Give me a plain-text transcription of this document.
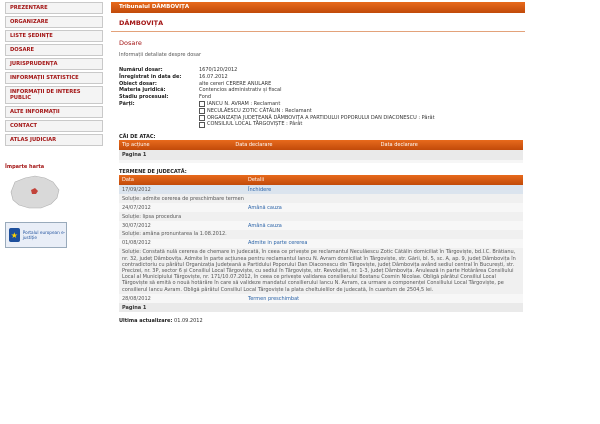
PREZENTARE
ORGANIZARE
LISTE ȘEDINȚE
DOSARE
JURISPRUDENȚA
INFORMAȚII STATISTICE
INFORMAȚII DE INTERES PUBLIC
ALTE INFORMAȚII
CONTACT
ATLAS JUDICIAR
Împarte harta
★	Portalul european e-justiție
Tribunalul DÂMBOVIȚA
DÂMBOVIȚA
Dosare
Informații detaliate despre dosar
Numărul dosar:	1670/120/2012
Înregistrat in data de:	16.07.2012
Obiect dosar:	alte cereri CERERE ANULARE
Materia juridică:	Contencios administrativ și fiscal
Stadiu procesual:	Fond
Părți:	IANCU N. AVRAM : Reclamant
NECULĂESCU ZOTIC CĂTĂLIN : Reclamant
ORGANIZAȚIA JUDEȚEANĂ DÂMBOVIȚA A PARTIDULUI POPORULUI DAN DIACONESCU : Pârât
CONSILIUL LOCAL TÂRGOVIȘTE : Pârât
CĂI DE ATAC:
Tip acțiune	Data declarare	Data declarare
Pagina 1

TERMENE DE JUDECATĂ:
Data	Detalii
17/09/2012	Închidere
Soluție: admite cererea de preschimbare termen	
24/07/2012	Amână cauza
Soluție: lipsa procedura	
30/07/2012	Amână cauza
Soluție: amâna pronuntarea la 1.08.2012.	
01/08/2012	Admite in parte cererea
Soluție: Constată nulă cererea de chemare in judecată, în ceea ce privește pe reclamantul Neculăescu Zotic Cătălin domiciliat în Târgoviște, bd.I.C. Brătianu, nr. 32, județ Dâmbovița. Admite în parte acțiunea pentru reclamantul Iancu N. Avram domiciliat în Târgoviște, str. Gării, bl. 5, sc. A, ap. 9, județ Dâmbovița în contradictoriu cu pârâtul Organizația Județeană a Partidului Poporului Dan Diaconescu din Târgoviște, județ Dâmbovița având sediul central în București, str. Precizei, nr. 3P, sector 6 și Consiliul Local Târgoviște, cu sediul în Târgoviște, str. Revoluției, nr. 1-3, județ Dâmbovița. Anulează in parte Hotărârea Consiliului Local al Municipiului Târgoviște, nr. 171/10.07.2012, în ceea ce privește validarea consilierului Bostanu Cosmin Nicolae. Obligă pârâtul Consiliul Local Târgoviște să emită o nouă hotărâre în care să valideze mandatul consilierului Iancu N. Avram, ca urmare a componenței Consiliului Local Târgoviște, pe consilierul Iancu Avram. Obligă pârâtul Consiliul Local Târgoviște la plata cheltuielilor de judecată, în cuantum de 2504,5 lei.	
28/08/2012	Termen preschimbat
Pagina 1	
Ultima actualizare: 01.09.2012
